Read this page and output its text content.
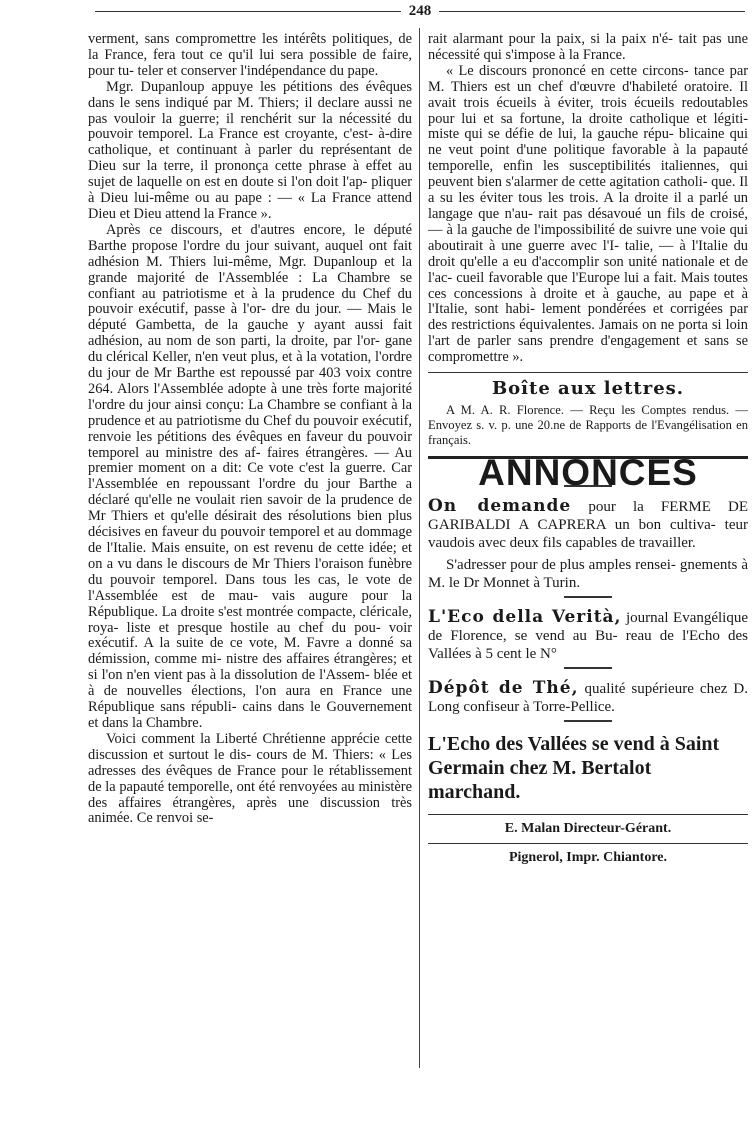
248

verment, sans compromettre les intérêts politiques, de la France, fera tout ce qu'il lui sera possible de faire, pour tu- teler et conserver l'indépendance du pape.

Mgr. Dupanloup appuye les pétitions des évêques dans le sens indiqué par M. Thiers; il declare aussi ne pas vouloir la guerre; il renchérit sur la nécessité du pouvoir temporel. La France est croyante, c'est- à-dire catholique, et continuant à parler du représentant de Dieu sur la terre, il prononça cette phrase à effet au sujet de laquelle on est en doute si l'on doit l'ap- pliquer à Dieu lui-même ou au pape : — « La France attend Dieu et Dieu attend la France ».

Après ce discours, et d'autres encore, le député Barthe propose l'ordre du jour suivant, auquel ont fait adhésion M. Thiers lui-même, Mgr. Dupanloup et la grande majorité de l'Assemblée : La Chambre se confiant au patriotisme et à la prudence du Chef du pouvoir exécutif, passe à l'or- dre du jour. — Mais le député Gambetta, de la gauche y ayant aussi fait adhésion, au nom de son parti, la droite, par l'or- gane du clérical Keller, n'en veut plus, et à la votation, l'ordre du jour de Mr Barthe est repoussé par 403 voix contre 264. Alors l'Assemblée adopte à une très forte majorité l'ordre du jour ainsi conçu: La Chambre se confiant à la prudence et au patriotisme du Chef du pouvoir exécutif, renvoie les pétitions des évêques en faveur du pouvoir temporel au ministre des af- faires étrangères. — Au premier moment on a dit: Ce vote c'est la guerre. Car l'Assemblée en repoussant l'ordre du jour Barthe a déclaré qu'elle ne voulait rien savoir de la prudence de Mr Thiers et qu'elle désirait des résolutions bien plus décisives en faveur du pouvoir temporel et au dommage de l'Italie. Mais ensuite, on est revenu de cette idée; et on a vu dans le discours de Mr Thiers l'oraison funèbre du pouvoir temporel. Dans tous les cas, le vote de l'Assemblée est de mau- vais augure pour la République. La droite s'est montrée compacte, cléricale, roya- liste et presque hostile au chef du pou- voir exécutif. A la suite de ce vote, M. Favre a donné sa démission, comme mi- nistre des affaires étrangères; et si l'on n'en vient pas à la dissolution de l'Assem- blée et à de nouvelles élections, l'on aura en France une République sans républi- cains dans le Gouvernement et dans la Chambre.

Voici comment la Liberté Chrétienne apprécie cette discussion et surtout le dis- cours de M. Thiers: « Les adresses des évêques de France pour le rétablissement de la papauté temporelle, ont été renvoyées au ministère des affaires étrangères, après une discussion très animée. Ce renvoi se-

rait alarmant pour la paix, si la paix n'é- tait pas une nécessité qui s'impose à la France.

« Le discours prononcé en cette circons- tance par M. Thiers est un chef d'œuvre d'habileté oratoire. Il avait trois écueils à éviter, trois écueils redoutables pour lui et sa fortune, la droite catholique et légiti- miste qui se défie de lui, la gauche répu- blicaine qui ne veut point d'une politique favorable à la papauté temporelle, enfin les susceptibilités italiennes, qui peuvent bien s'alarmer de cette agitation catholi- que. Il a su les éviter tous les trois. A la droite il a parlé un langage que n'au- rait pas désavoué un fils de croisé, — à la gauche de l'impossibilité de suivre une voie qui aboutirait à une guerre avec l'I- talie, — à l'Italie du droit qu'elle a eu d'accomplir son unité nationale et de l'ac- cueil favorable que l'Europe lui a fait. Mais toutes ces concessions à droite et à gauche, au pape et à l'Italie, sont habi- lement pondérées et corrigées par des restrictions équivalentes. Jamais on ne porta si loin l'art de parler sans prendre d'engagement et sans se compromettre ».

Boîte aux lettres.
A M. A. R. Florence. — Reçu les Comptes rendus. — Envoyez s. v. p. une 20.ne de Rapports de l'Evangélisation en français.
ANNONCES
On demande pour la FERME DE GARIBALDI A CAPRERA un bon cultiva- teur vaudois avec deux fils capables de travailler.
S'adresser pour de plus amples rensei- gnements à M. le Dr Monnet à Turin.
L'Eco della Verità, journal Evangélique de Florence, se vend au Bu- reau de l'Echo des Vallées à 5 cent le N°
Dépôt de Thé, qualité supérieure chez D. Long confiseur à Torre-Pellice.
L'Echo des Vallées se vend à Saint Germain chez M. Bertalot marchand.
E. Malan Directeur-Gérant.
Pignerol, Impr. Chiantore.
